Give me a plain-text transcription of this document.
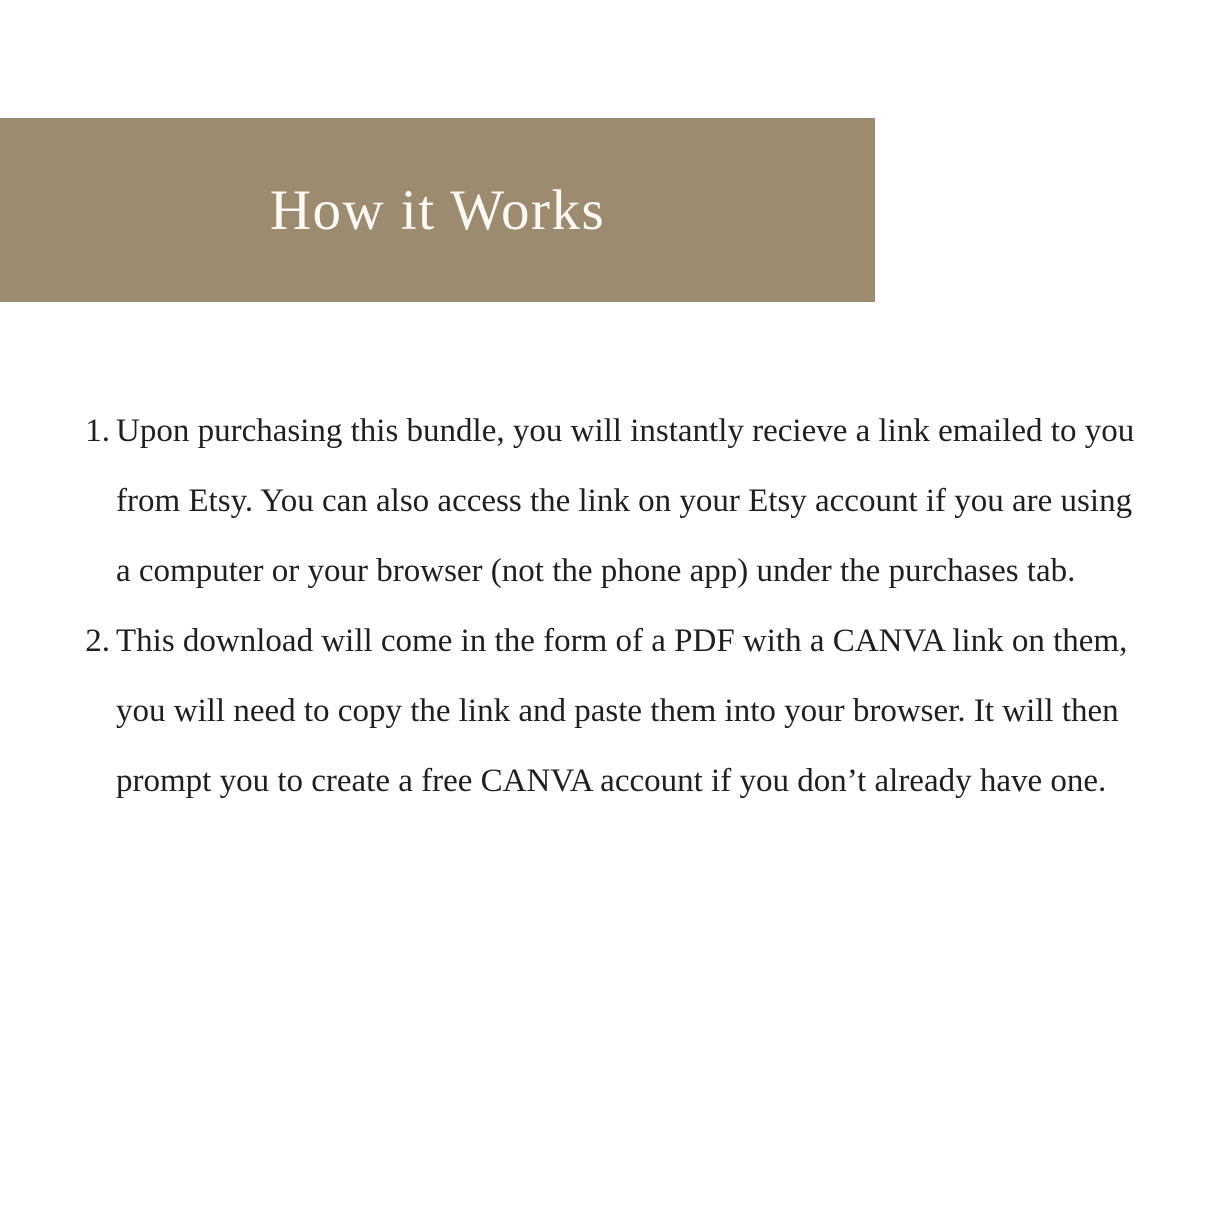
How it Works
1. Upon purchasing this bundle, you will instantly recieve a link emailed to you from Etsy. You can also access the link on your Etsy account if you are using a computer or your browser (not the phone app) under the purchases tab.
2. This download will come in the form of a PDF with a CANVA link on them, you will need to copy the link and paste them into your browser. It will then prompt you to create a free CANVA account if you don’t already have one.
